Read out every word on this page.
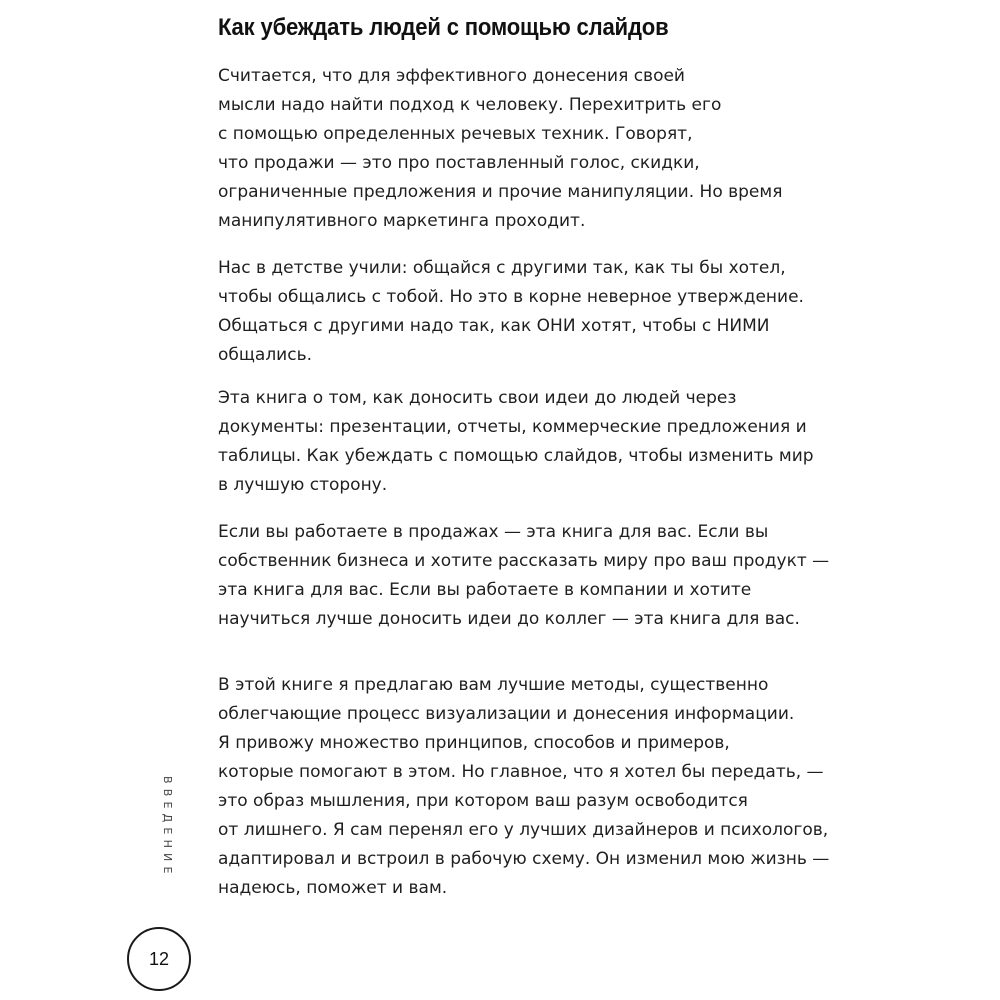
Как убеждать людей с помощью слайдов
Считается, что для эффективного донесения своей
мысли надо найти подход к человеку. Перехитрить его
с помощью определенных речевых техник. Говорят,
что продажи — это про поставленный голос, скидки,
ограниченные предложения и прочие манипуляции. Но время
манипулятивного маркетинга проходит.
Нас в детстве учили: общайся с другими так, как ты бы хотел,
чтобы общались с тобой. Но это в корне неверное утверждение.
Общаться с другими надо так, как ОНИ хотят, чтобы с НИМИ
общались.
Эта книга о том, как доносить свои идеи до людей через
документы: презентации, отчеты, коммерческие предложения и
таблицы. Как убеждать с помощью слайдов, чтобы изменить мир
в лучшую сторону.
Если вы работаете в продажах — эта книга для вас. Если вы
собственник бизнеса и хотите рассказать миру про ваш продукт —
эта книга для вас. Если вы работаете в компании и хотите
научиться лучше доносить идеи до коллег — эта книга для вас.
В этой книге я предлагаю вам лучшие методы, существенно
облегчающие процесс визуализации и донесения информации.
Я привожу множество принципов, способов и примеров,
которые помогают в этом. Но главное, что я хотел бы передать, —
это образ мышления, при котором ваш разум освободится
от лишнего. Я сам перенял его у лучших дизайнеров и психологов,
адаптировал и встроил в рабочую схему. Он изменил мою жизнь —
надеюсь, поможет и вам.
ВВЕДЕНИЕ
12
